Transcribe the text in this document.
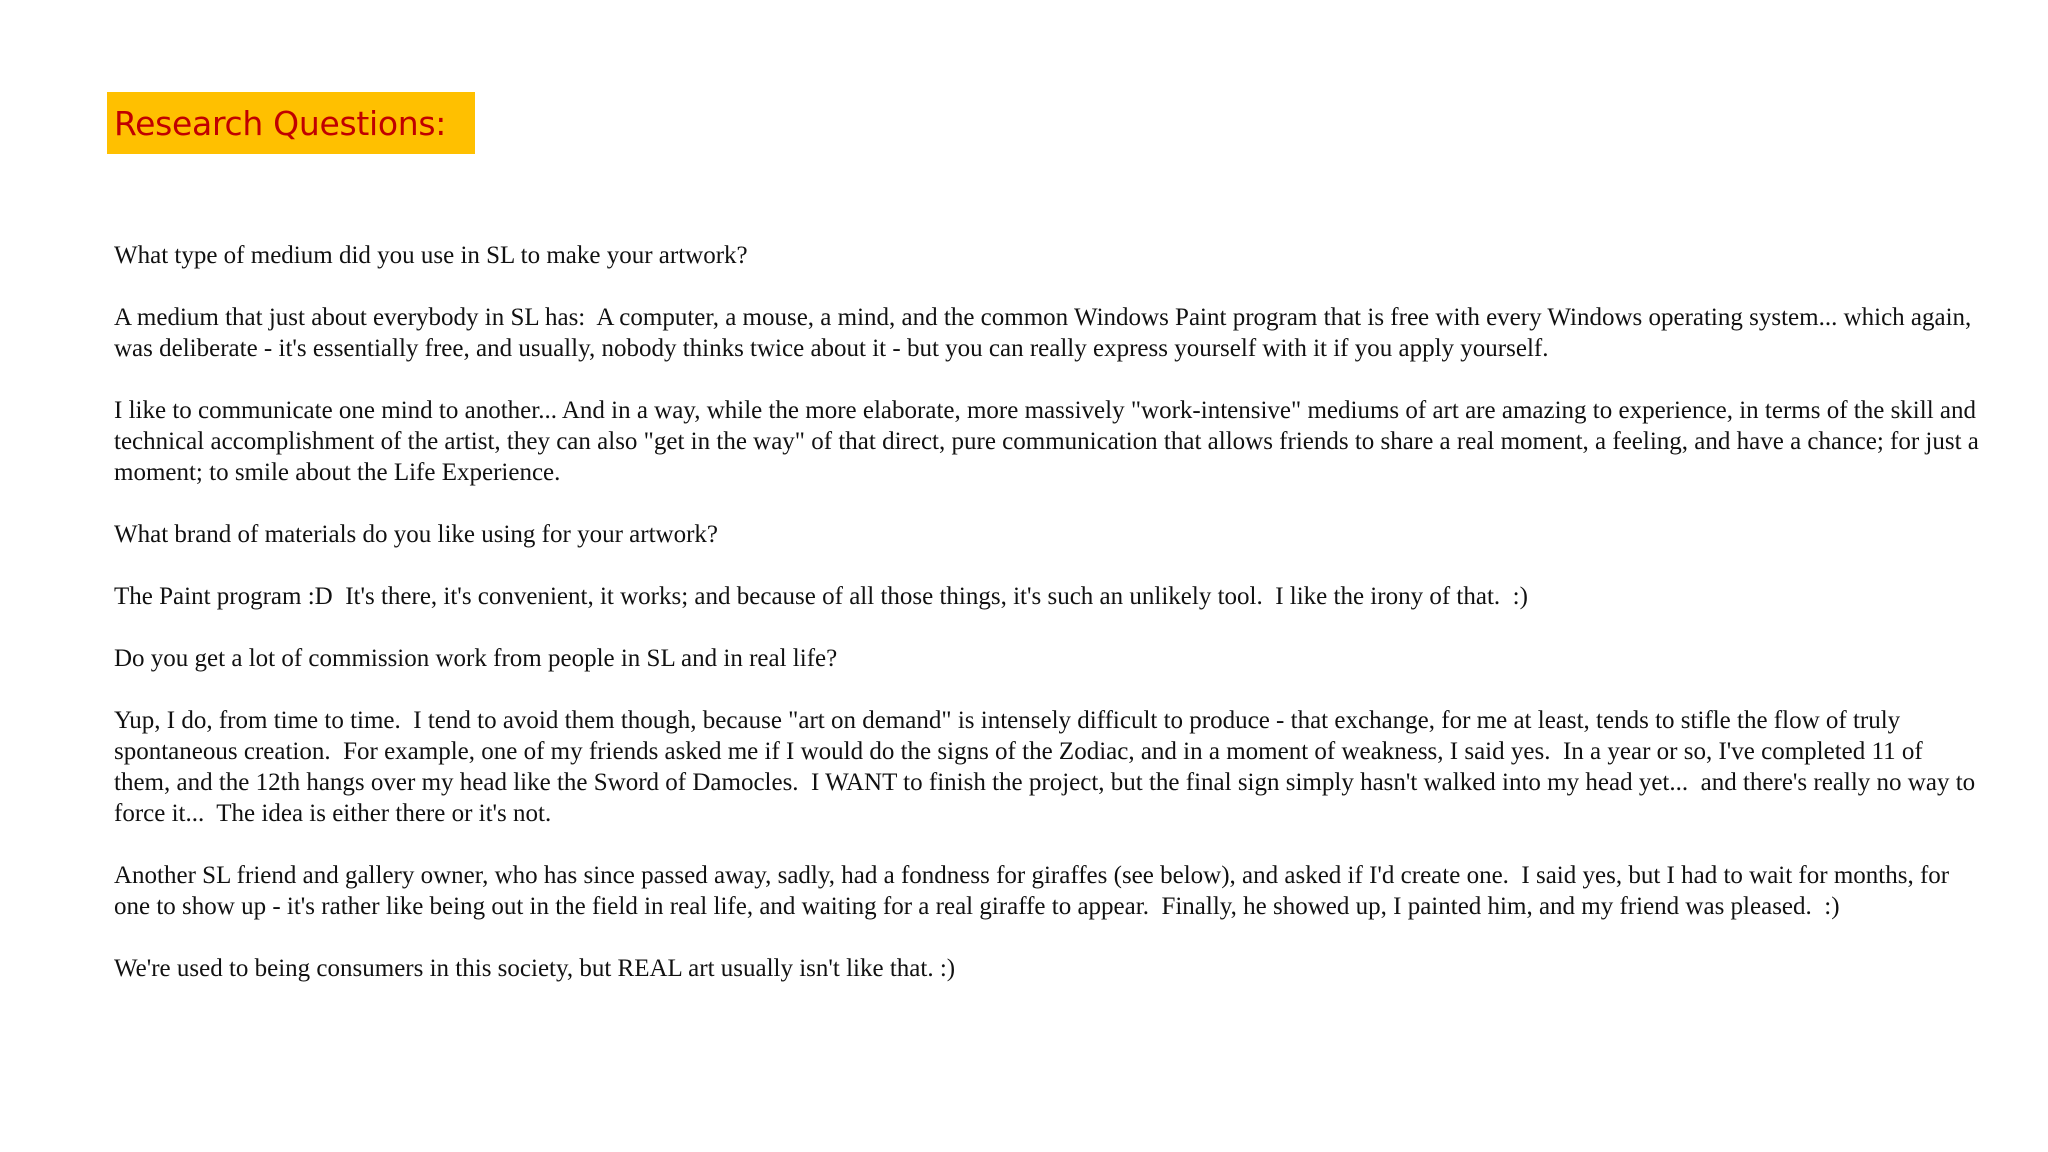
Research Questions:

What type of medium did you use in SL to make your artwork?

A medium that just about everybody in SL has:  A computer, a mouse, a mind, and the common Windows Paint program that is free with every Windows operating system... which again, was deliberate - it's essentially free, and usually, nobody thinks twice about it - but you can really express yourself with it if you apply yourself.

I like to communicate one mind to another... And in a way, while the more elaborate, more massively "work-intensive" mediums of art are amazing to experience, in terms of the skill and technical accomplishment of the artist, they can also "get in the way" of that direct, pure communication that allows friends to share a real moment, a feeling, and have a chance; for just a moment; to smile about the Life Experience.

What brand of materials do you like using for your artwork?

The Paint program :D  It's there, it's convenient, it works; and because of all those things, it's such an unlikely tool.  I like the irony of that.  :)

Do you get a lot of commission work from people in SL and in real life?

Yup, I do, from time to time.  I tend to avoid them though, because "art on demand" is intensely difficult to produce - that exchange, for me at least, tends to stifle the flow of truly spontaneous creation.  For example, one of my friends asked me if I would do the signs of the Zodiac, and in a moment of weakness, I said yes.  In a year or so, I've completed 11 of them, and the 12th hangs over my head like the Sword of Damocles.  I WANT to finish the project, but the final sign simply hasn't walked into my head yet...  and there's really no way to force it...  The idea is either there or it's not.

Another SL friend and gallery owner, who has since passed away, sadly, had a fondness for giraffes (see below), and asked if I'd create one.  I said yes, but I had to wait for months, for one to show up - it's rather like being out in the field in real life, and waiting for a real giraffe to appear.  Finally, he showed up, I painted him, and my friend was pleased.  :)

We're used to being consumers in this society, but REAL art usually isn't like that. :)
